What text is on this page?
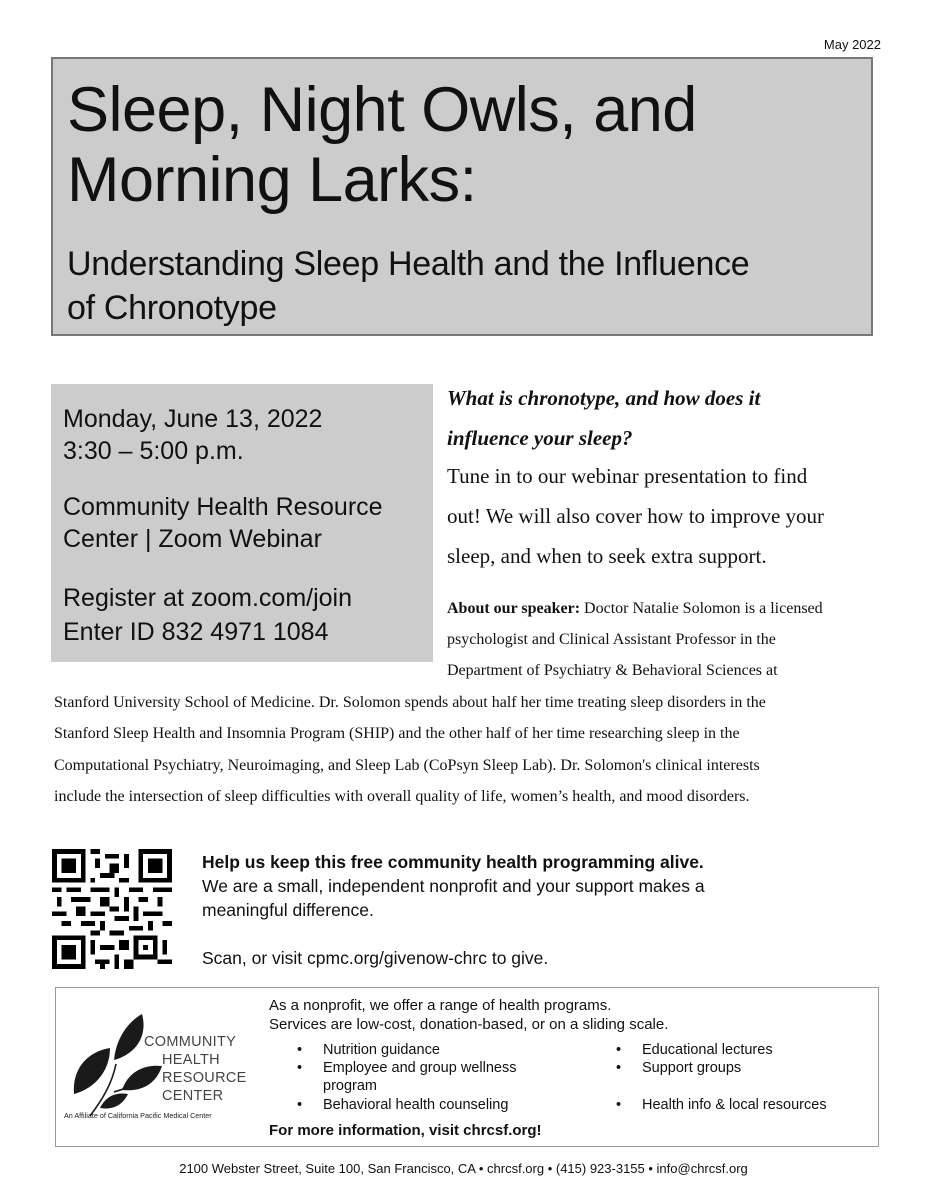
May 2022
Sleep, Night Owls, and
Morning Larks:
Understanding Sleep Health and the Influence
of Chronotype
Monday, June 13, 2022
3:30 – 5:00 p.m.
Community Health Resource
Center | Zoom Webinar
Register at zoom.com/join
Enter ID 832 4971 1084
What is chronotype, and how does it
influence your sleep?
Tune in to our webinar presentation to find
out! We will also cover how to improve your
sleep, and when to seek extra support.
About our speaker: Doctor Natalie Solomon is a licensed
psychologist and Clinical Assistant Professor in the
Department of Psychiatry & Behavioral Sciences at
Stanford University School of Medicine. Dr. Solomon spends about half her time treating sleep disorders in the
Stanford Sleep Health and Insomnia Program (SHIP) and the other half of her time researching sleep in the
Computational Psychiatry, Neuroimaging, and Sleep Lab (CoPsyn Sleep Lab). Dr. Solomon's clinical interests
include the intersection of sleep difficulties with overall quality of life, women’s health, and mood disorders.
Help us keep this free community health programming alive.
We are a small, independent nonprofit and your support makes a
meaningful difference.
Scan, or visit cpmc.org/givenow-chrc to give.
COMMUNITY
HEALTH
RESOURCE
CENTER
An Affiliate of California Pacific Medical Center
As a nonprofit, we offer a range of health programs.
Services are low-cost, donation-based, or on a sliding scale.
• Nutrition guidance
• Employee and group wellness
program
• Behavioral health counseling
• Educational lectures
• Support groups
• Health info & local resources
For more information, visit chrcsf.org!
2100 Webster Street, Suite 100, San Francisco, CA • chrcsf.org • (415) 923-3155 • info@chrcsf.org
